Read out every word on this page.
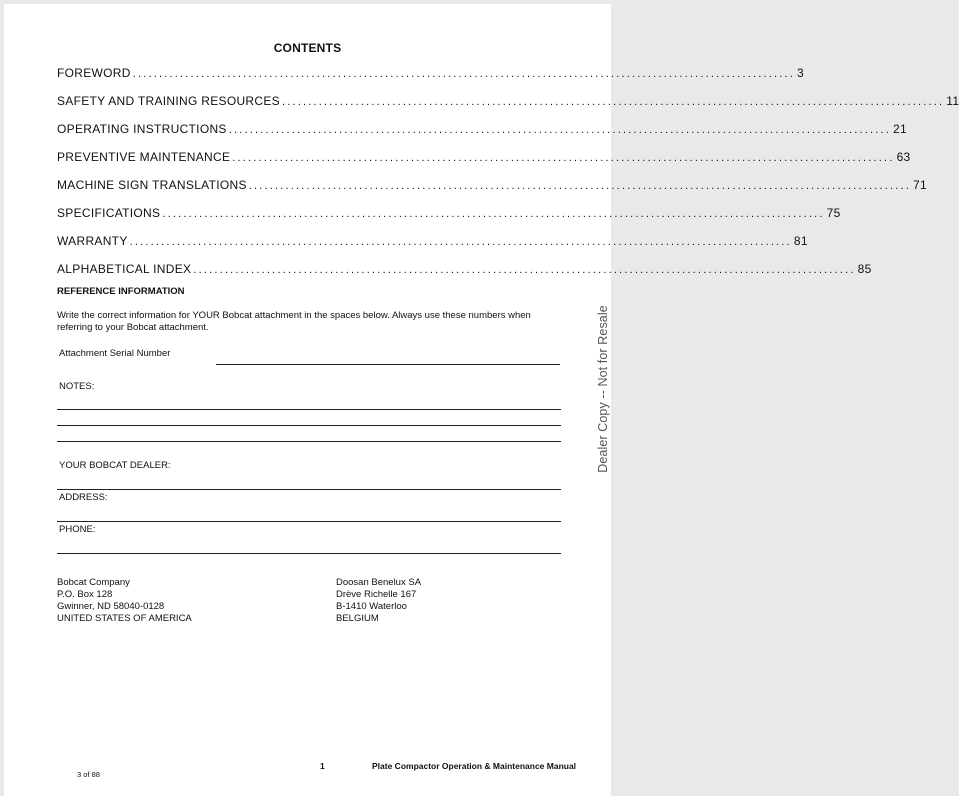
CONTENTS
FOREWORD .............................................................................................................................. 3
SAFETY AND TRAINING RESOURCES .............................................................................................................................. 11
OPERATING INSTRUCTIONS .............................................................................................................................. 21
PREVENTIVE MAINTENANCE .............................................................................................................................. 63
MACHINE SIGN TRANSLATIONS .............................................................................................................................. 71
SPECIFICATIONS .............................................................................................................................. 75
WARRANTY .............................................................................................................................. 81
ALPHABETICAL INDEX .............................................................................................................................. 85
REFERENCE INFORMATION
Write the correct information for YOUR Bobcat attachment in the spaces below. Always use these numbers when referring to your Bobcat attachment.
Attachment Serial Number
NOTES:
YOUR BOBCAT DEALER:
ADDRESS:
PHONE:
Bobcat Company
P.O. Box 128
Gwinner, ND 58040-0128
UNITED STATES OF AMERICA
Doosan Benelux SA
Drève Richelle 167
B-1410 Waterloo
BELGIUM
Dealer Copy -- Not for Resale
1	Plate Compactor Operation & Maintenance Manual
3 of 88
